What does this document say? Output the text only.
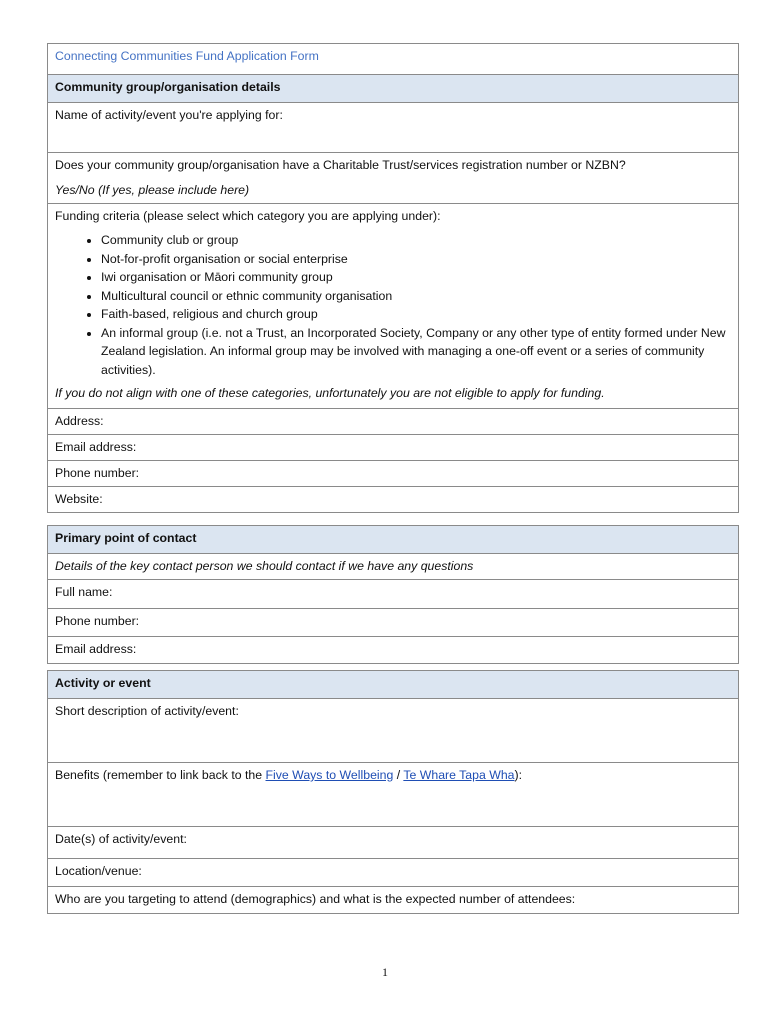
Connecting Communities Fund Application Form
Community group/organisation details
Name of activity/event you're applying for:

Does your community group/organisation have a Charitable Trust/services registration number or NZBN?
Yes/No (If yes, please include here)

Funding criteria (please select which category you are applying under):
• Community club or group
• Not-for-profit organisation or social enterprise
• Iwi organisation or Māori community group
• Multicultural council or ethnic community organisation
• Faith-based, religious and church group
• An informal group (i.e. not a Trust, an Incorporated Society, Company or any other type of entity formed under New Zealand legislation. An informal group may be involved with managing a one-off event or a series of community activities).
If you do not align with one of these categories, unfortunately you are not eligible to apply for funding.

Address:
Email address:
Phone number:
Website:
Primary point of contact
Details of the key contact person we should contact if we have any questions
Full name:
Phone number:
Email address:
Activity or event
Short description of activity/event:
Benefits (remember to link back to the Five Ways to Wellbeing / Te Whare Tapa Wha):
Date(s) of activity/event:
Location/venue:
Who are you targeting to attend (demographics) and what is the expected number of attendees:
1
